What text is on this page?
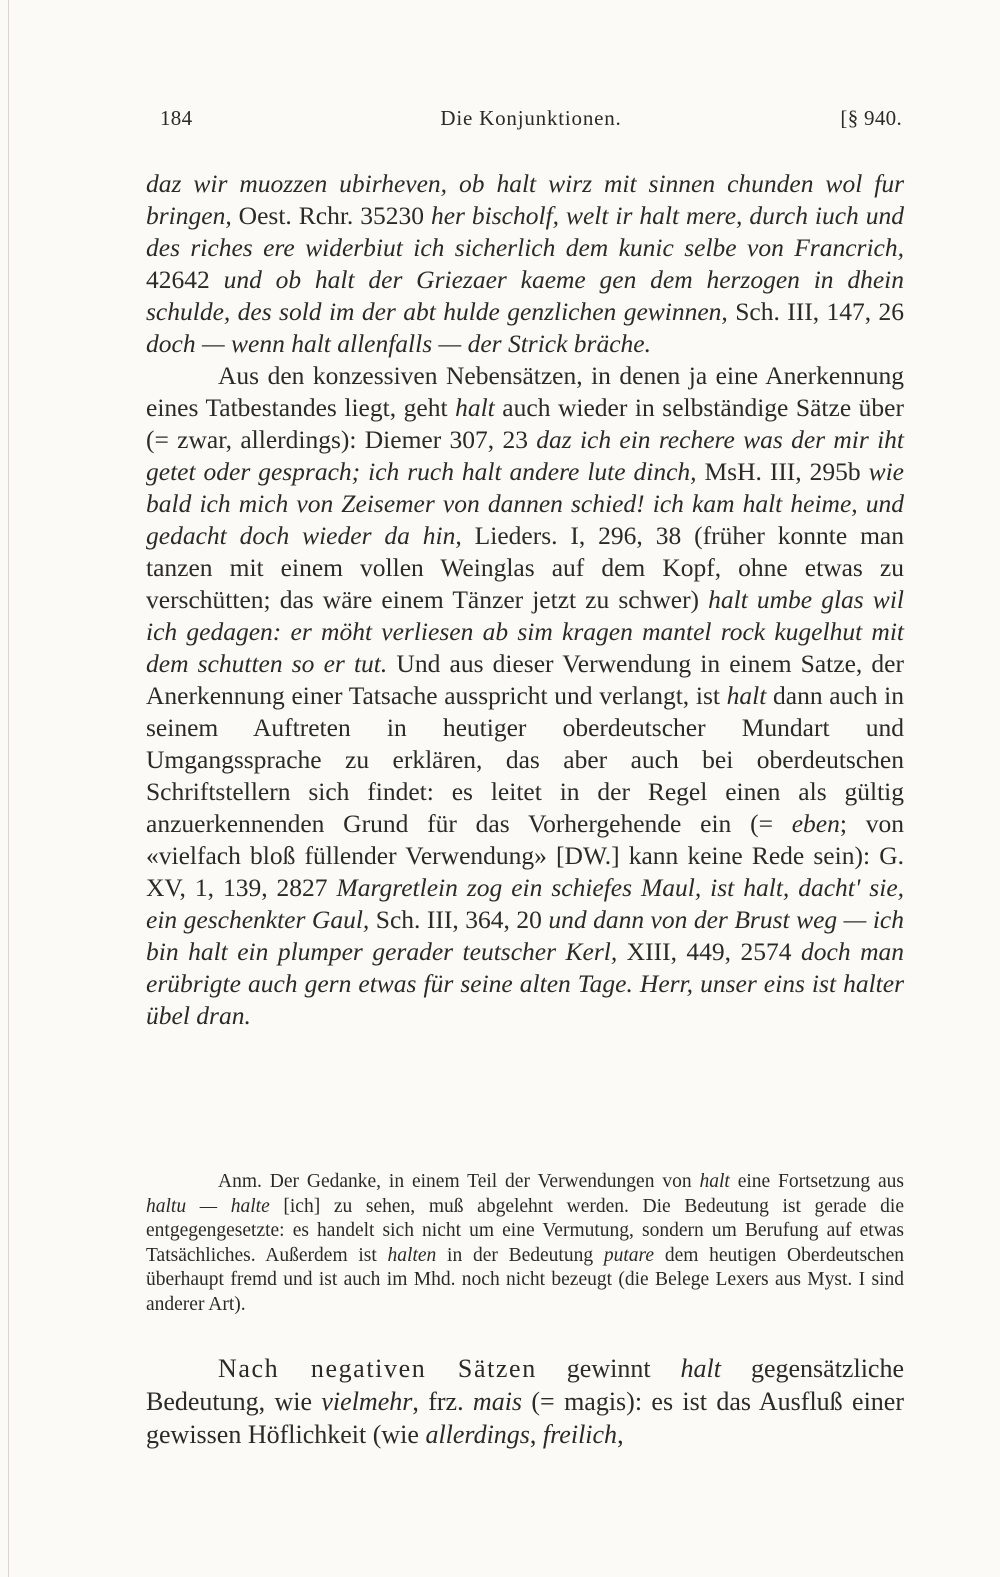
184	Die Konjunktionen.	[§ 940.

daz wir muozzen ubirheven, ob halt wirz mit sinnen chunden wol fur bringen, Oest. Rchr. 35230 her bischolf, welt ir halt mere, durch iuch und des riches ere widerbiut ich sicherlich dem kunic selbe von Francrich, 42642 und ob halt der Griezaer kaeme gen dem herzogen in dhein schulde, des sold im der abt hulde genzlichen gewinnen, Sch. III, 147, 26 doch — wenn halt allenfalls — der Strick bräche.

Aus den konzessiven Nebensätzen, in denen ja eine Anerkennung eines Tatbestandes liegt, geht halt auch wieder in selbständige Sätze über (= zwar, allerdings): Diemer 307, 23 daz ich ein rechere was der mir iht getet oder gesprach; ich ruch halt andere lute dinch, MsH. III, 295b wie bald ich mich von Zeisemer von dannen schied! ich kam halt heime, und gedacht doch wieder da hin, Lieders. I, 296, 38 (früher konnte man tanzen mit einem vollen Weinglas auf dem Kopf, ohne etwas zu verschütten; das wäre einem Tänzer jetzt zu schwer) halt umbe glas wil ich gedagen: er möht verliesen ab sim kragen mantel rock kugelhut mit dem schutten so er tut. Und aus dieser Verwendung in einem Satze, der Anerkennung einer Tatsache ausspricht und verlangt, ist halt dann auch in seinem Auftreten in heutiger oberdeutscher Mundart und Umgangssprache zu erklären, das aber auch bei oberdeutschen Schriftstellern sich findet: es leitet in der Regel einen als gültig anzuerkennenden Grund für das Vorhergehende ein (= eben; von «vielfach bloß füllender Verwendung» [DW.] kann keine Rede sein): G. XV, 1, 139, 2827 Margretlein zog ein schiefes Maul, ist halt, dacht' sie, ein geschenkter Gaul, Sch. III, 364, 20 und dann von der Brust weg — ich bin halt ein plumper gerader teutscher Kerl, XIII, 449, 2574 doch man erübrigte auch gern etwas für seine alten Tage. Herr, unser eins ist halter übel dran.

Anm. Der Gedanke, in einem Teil der Verwendungen von halt eine Fortsetzung aus haltu — halte [ich] zu sehen, muß abgelehnt werden. Die Bedeutung ist gerade die entgegengesetzte: es handelt sich nicht um eine Vermutung, sondern um Berufung auf etwas Tatsächliches. Außerdem ist halten in der Bedeutung putare dem heutigen Oberdeutschen überhaupt fremd und ist auch im Mhd. noch nicht bezeugt (die Belege Lexers aus Myst. I sind anderer Art).

Nach negativen Sätzen gewinnt halt gegensätzliche Bedeutung, wie vielmehr, frz. mais (= magis): es ist das Ausfluß einer gewissen Höflichkeit (wie allerdings, freilich,
